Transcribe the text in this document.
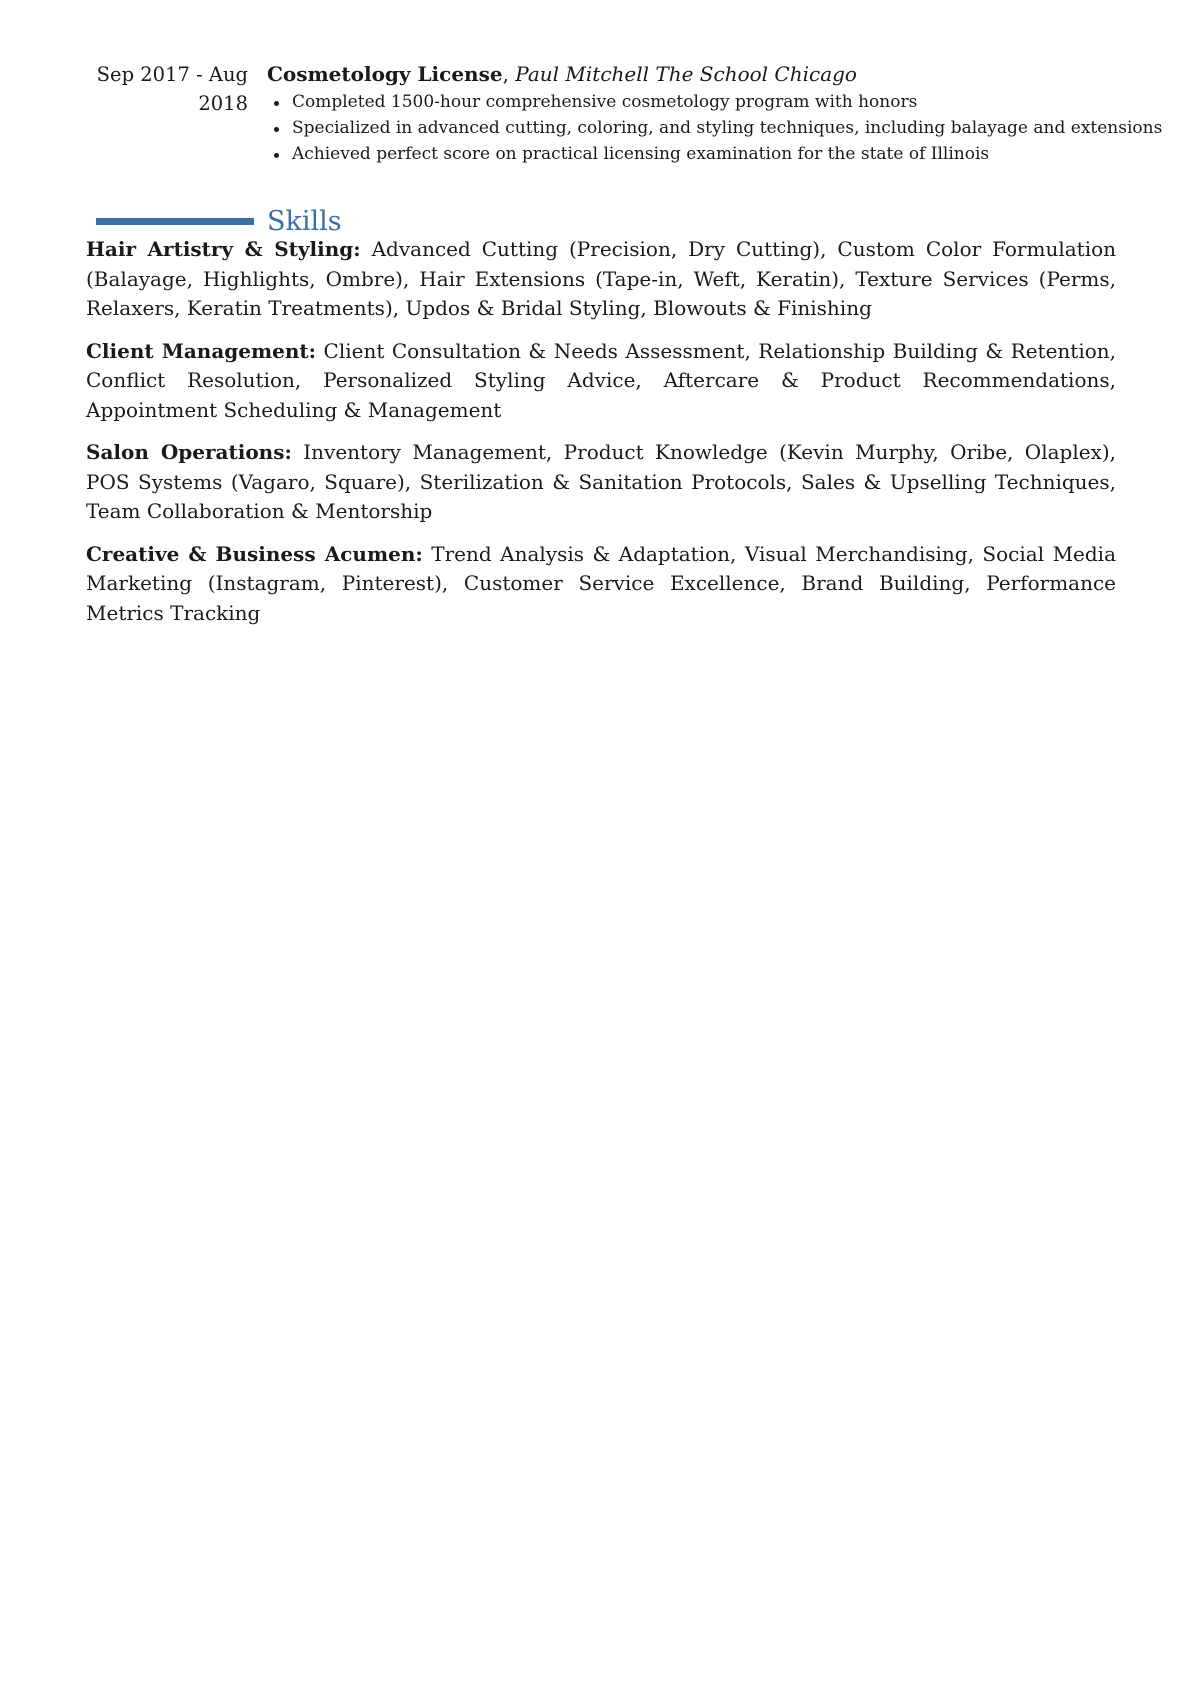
Sep 2017 - Aug 2018
Cosmetology License, Paul Mitchell The School Chicago
Completed 1500-hour comprehensive cosmetology program with honors
Specialized in advanced cutting, coloring, and styling techniques, including balayage and extensions
Achieved perfect score on practical licensing examination for the state of Illinois
Skills

Hair Artistry & Styling: Advanced Cutting (Precision, Dry Cutting), Custom Color Formulation (Balayage, Highlights, Ombre), Hair Extensions (Tape-in, Weft, Keratin), Texture Services (Perms, Relaxers, Keratin Treatments), Updos & Bridal Styling, Blowouts & Finishing

Client Management: Client Consultation & Needs Assessment, Relationship Building & Retention, Conflict Resolution, Personalized Styling Advice, Aftercare & Product Recommendations, Appointment Scheduling & Management

Salon Operations: Inventory Management, Product Knowledge (Kevin Murphy, Oribe, Olaplex), POS Systems (Vagaro, Square), Sterilization & Sanitation Protocols, Sales & Upselling Techniques, Team Collaboration & Mentorship

Creative & Business Acumen: Trend Analysis & Adaptation, Visual Merchandising, Social Media Marketing (Instagram, Pinterest), Customer Service Excellence, Brand Building, Performance Metrics Tracking
